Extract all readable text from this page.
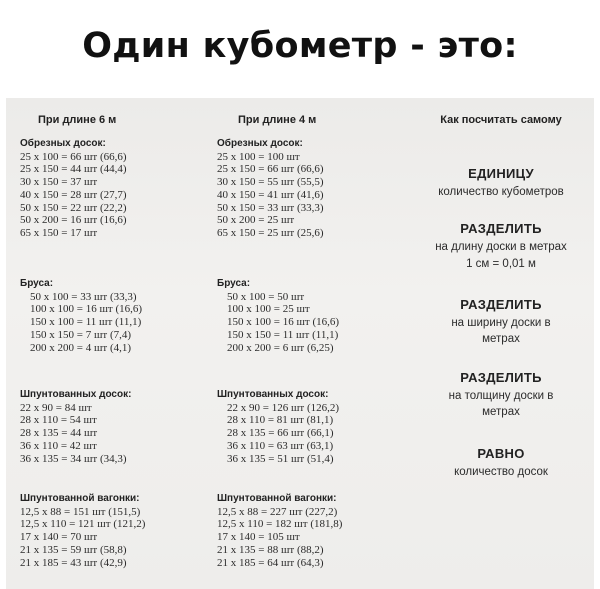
Один кубометр - это:
При длине 6 м
Обрезных досок:
25 х 100 = 66 шт (66,6)
25 х 150 = 44 шт (44,4)
30 х 150 = 37 шт
40 х 150 = 28 шт (27,7)
50 х 150 = 22 шт (22,2)
50 х 200 = 16 шт (16,6)
65 х 150 = 17 шт
Бруса:
50 х 100 = 33 шт (33,3)
100 х 100 = 16 шт (16,6)
150 х 100 = 11 шт (11,1)
150 х 150 = 7 шт (7,4)
200 х 200 = 4 шт (4,1)
Шпунтованных досок:
22 х 90 = 84 шт
28 х 110 = 54 шт
28 х 135 = 44 шт
36 х 110 = 42 шт
36 х 135 = 34 шт (34,3)
Шпунтованной вагонки:
12,5 х 88 = 151 шт (151,5)
12,5 х 110 = 121 шт (121,2)
17 х 140 = 70 шт
21 х 135 = 59 шт (58,8)
21 х 185 = 43 шт (42,9)
При длине 4 м
Обрезных досок:
25 х 100 = 100 шт
25 х 150 = 66 шт (66,6)
30 х 150 = 55 шт (55,5)
40 х 150 = 41 шт (41,6)
50 х 150 = 33 шт (33,3)
50 х 200 = 25 шт
65 х 150 = 25 шт (25,6)
Бруса:
50 х 100 = 50 шт
100 х 100 = 25 шт
150 х 100 = 16 шт (16,6)
150 х 150 = 11 шт (11,1)
200 х 200 = 6 шт (6,25)
Шпунтованных досок:
22 х 90 = 126 шт (126,2)
28 х 110 = 81 шт (81,1)
28 х 135 = 66 шт (66,1)
36 х 110 = 63 шт (63,1)
36 х 135 = 51 шт (51,4)
Шпунтованной вагонки:
12,5 х 88 = 227 шт (227,2)
12,5 х 110 = 182 шт (181,8)
17 х 140 = 105 шт
21 х 135 = 88 шт (88,2)
21 х 185 = 64 шт (64,3)
Как посчитать самому
ЕДИНИЦУ
количество кубометров
РАЗДЕЛИТЬ
на длину доски в метрах
1 см = 0,01 м
РАЗДЕЛИТЬ
на ширину доски в
метрах
РАЗДЕЛИТЬ
на толщину доски в
метрах
РАВНО
количество досок
